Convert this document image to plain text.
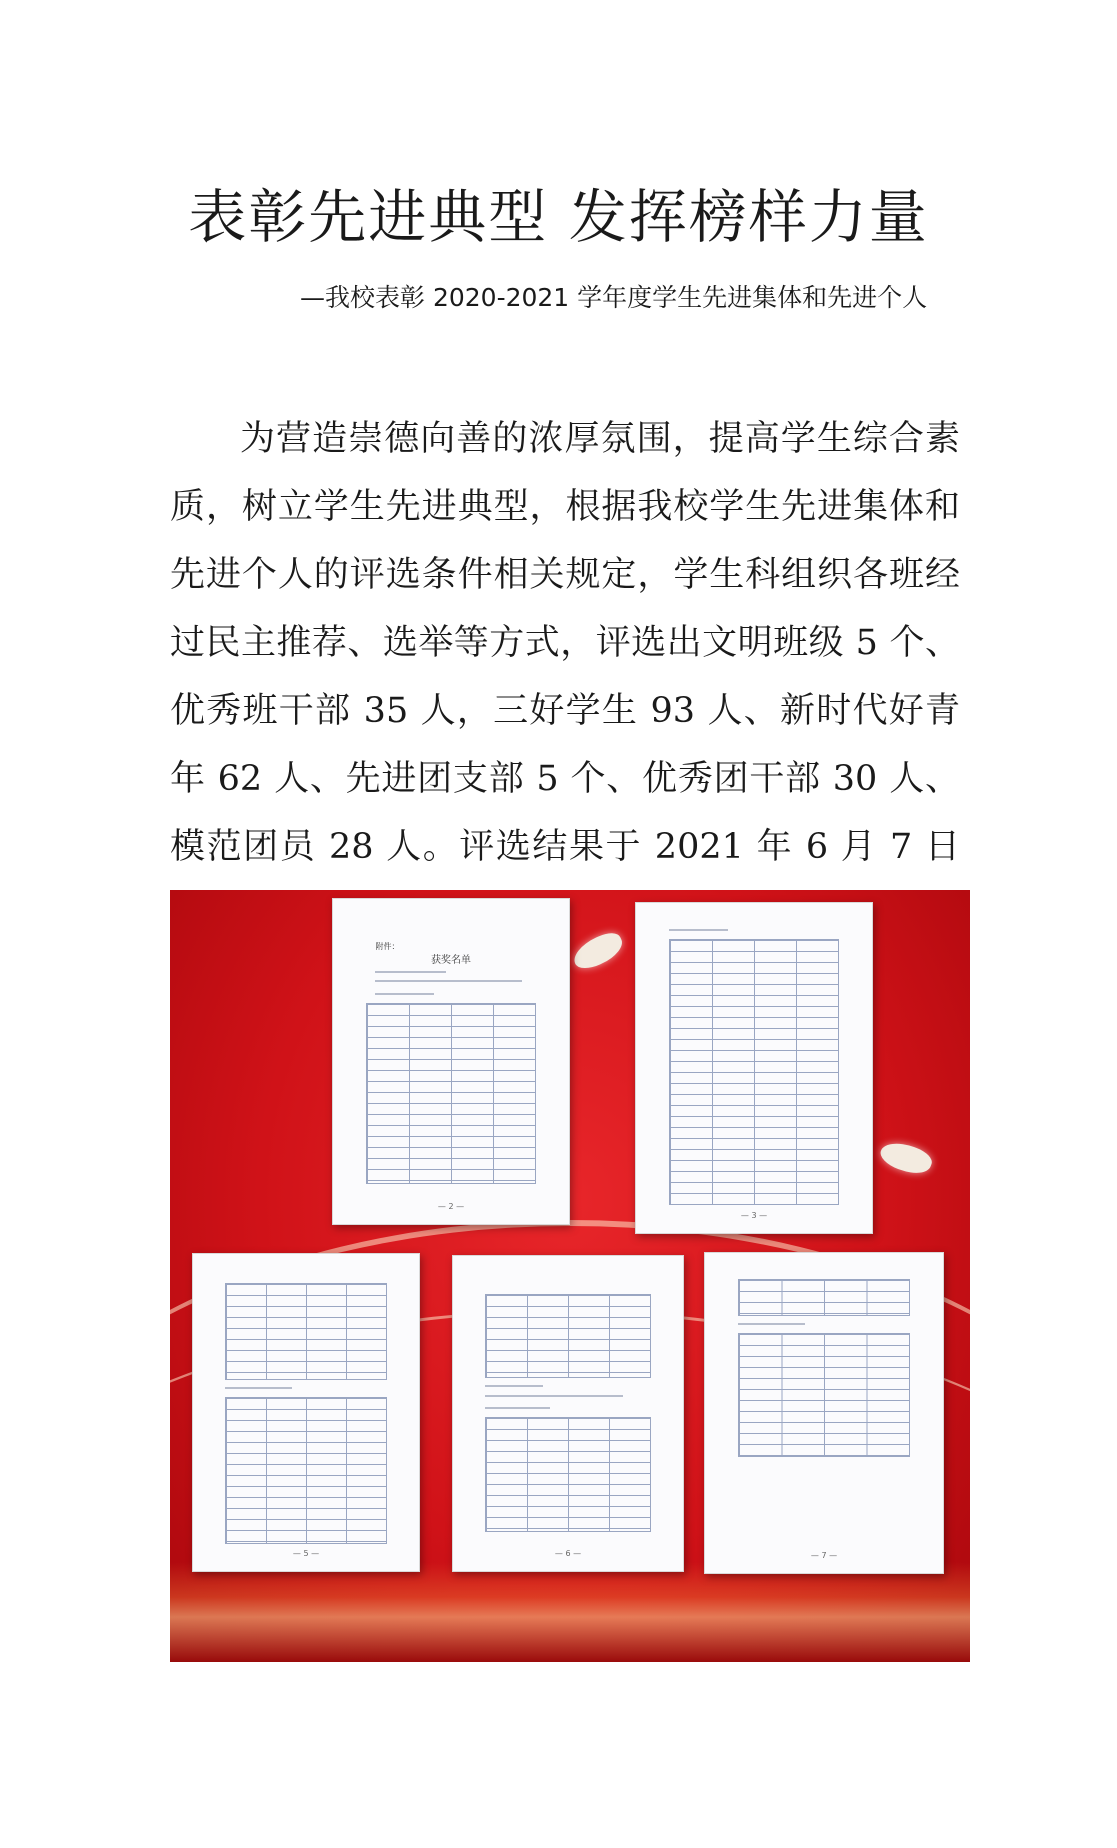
表彰先进典型 发挥榜样力量
—我校表彰 2020-2021 学年度学生先进集体和先进个人

为营造崇德向善的浓厚氛围，提高学生综合素质，树立学生先进典型，根据我校学生先进集体和先进个人的评选条件相关规定，学生科组织各班经过民主推荐、选举等方式，评选出文明班级 5 个、优秀班干部 35 人，三好学生 93 人、新时代好青年 62 人、先进团支部 5 个、优秀团干部 30 人、模范团员 28 人。评选结果于 2021 年 6 月 7 日

附件：
获奖名单
— 2 —
— 3 —
— 5 —	— 6 —	— 7 —
